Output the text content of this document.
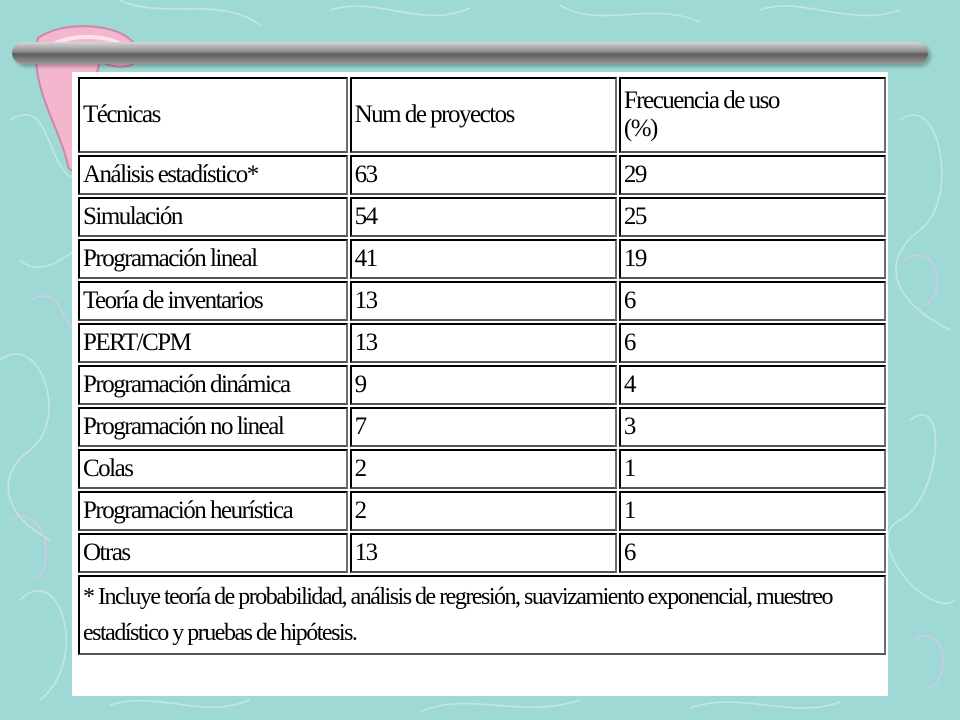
Técnicas	Num de proyectos	Frecuencia de uso
(%)

Análisis estadístico*	63	29
Simulación	54	25
Programación lineal	41	19
Teoría de inventarios	13	6
PERT/CPM	13	6
Programación dinámica	9	4
Programación no lineal	7	3
Colas	2	1
Programación heurística	2	1
Otras	13	6
* Incluye teoría de probabilidad, análisis de regresión, suavizamiento exponencial, muestreo estadístico y pruebas de hipótesis.		
